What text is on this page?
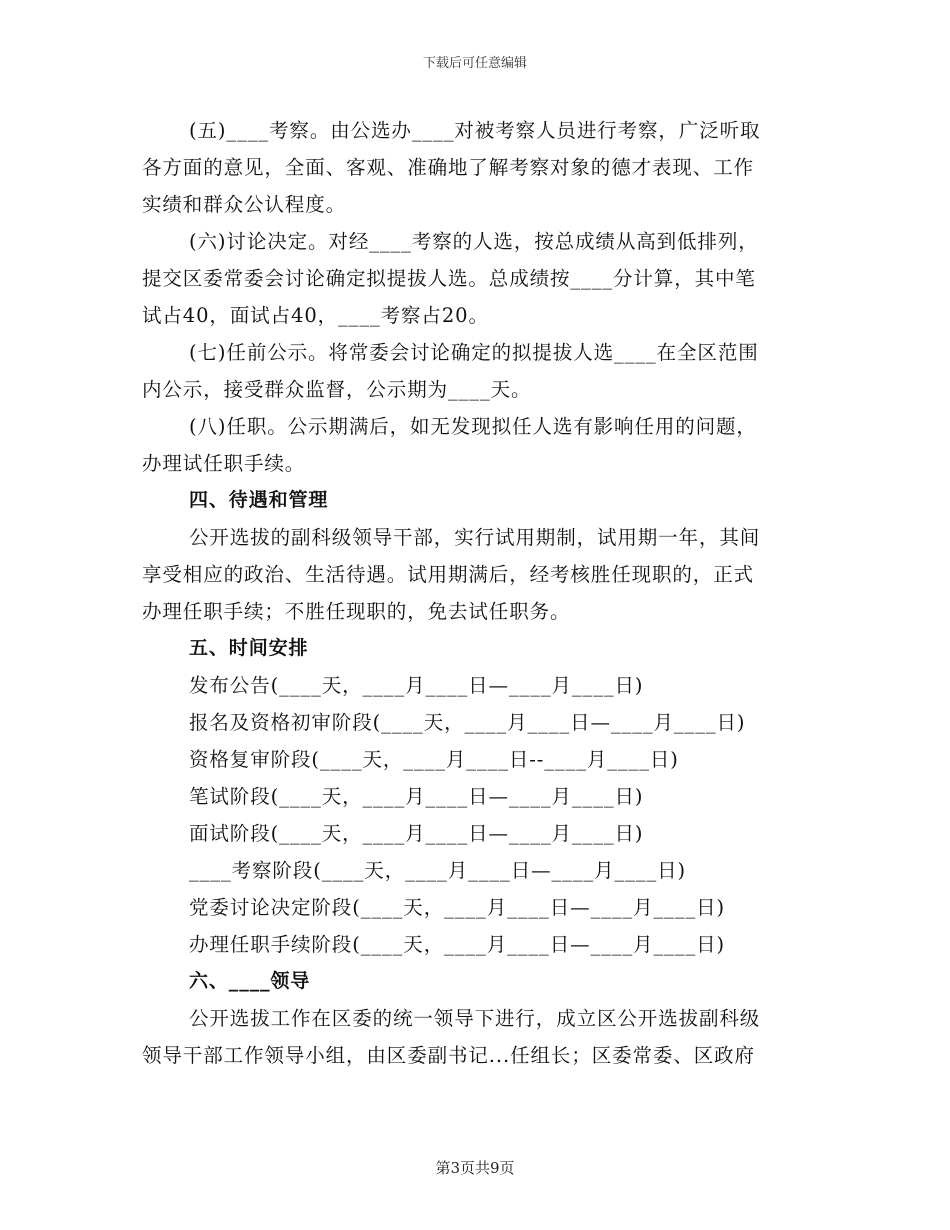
下载后可任意编辑
(五)____考察。由公选办____对被考察人员进行考察，广泛听取
各方面的意见，全面、客观、准确地了解考察对象的德才表现、工作
实绩和群众公认程度。
(六)讨论决定。对经____考察的人选，按总成绩从高到低排列，
提交区委常委会讨论确定拟提拔人选。总成绩按____分计算，其中笔
试占40，面试占40，____考察占20。
(七)任前公示。将常委会讨论确定的拟提拔人选____在全区范围
内公示，接受群众监督，公示期为____天。
(八)任职。公示期满后，如无发现拟任人选有影响任用的问题，
办理试任职手续。
四、待遇和管理
公开选拔的副科级领导干部，实行试用期制，试用期一年，其间
享受相应的政治、生活待遇。试用期满后，经考核胜任现职的，正式
办理任职手续；不胜任现职的，免去试任职务。
五、时间安排
发布公告(____天，____月____日—____月____日)
报名及资格初审阶段(____天，____月____日—____月____日)
资格复审阶段(____天，____月____日--____月____日)
笔试阶段(____天，____月____日—____月____日)
面试阶段(____天，____月____日—____月____日)
____考察阶段(____天，____月____日—____月____日)
党委讨论决定阶段(____天，____月____日—____月____日)
办理任职手续阶段(____天，____月____日—____月____日)
六、____领导
公开选拔工作在区委的统一领导下进行，成立区公开选拔副科级
领导干部工作领导小组，由区委副书记...任组长；区委常委、区政府
第3页共9页
